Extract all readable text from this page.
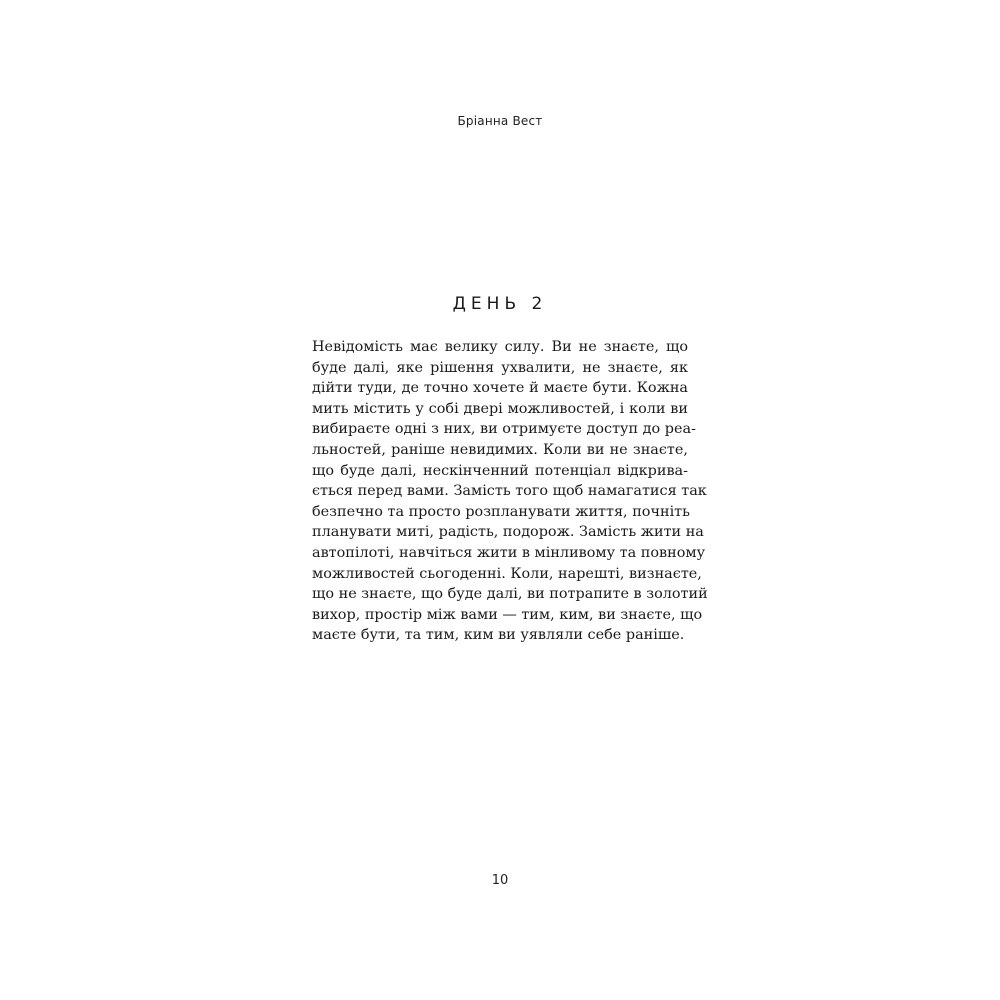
Бріанна Вест
ДЕНЬ 2
Невідомість має велику силу. Ви не знаєте, що
буде далі, яке рішення ухвалити, не знаєте, як
дійти туди, де точно хочете й маєте бути. Кожна
мить містить у собі двері можливостей, і коли ви
вибираєте одні з них, ви отримуєте доступ до реа-
льностей, раніше невидимих. Коли ви не знаєте,
що буде далі, нескінченний потенціал відкрива-
ється перед вами. Замість того щоб намагатися так
безпечно та просто розпланувати життя, почніть
планувати миті, радість, подорож. Замість жити на
автопілоті, навчіться жити в мінливому та повному
можливостей сьогоденні. Коли, нарешті, визнаєте,
що не знаєте, що буде далі, ви потрапите в золотий
вихор, простір між вами — тим, ким, ви знаєте, що
маєте бути, та тим, ким ви уявляли себе раніше.
10
